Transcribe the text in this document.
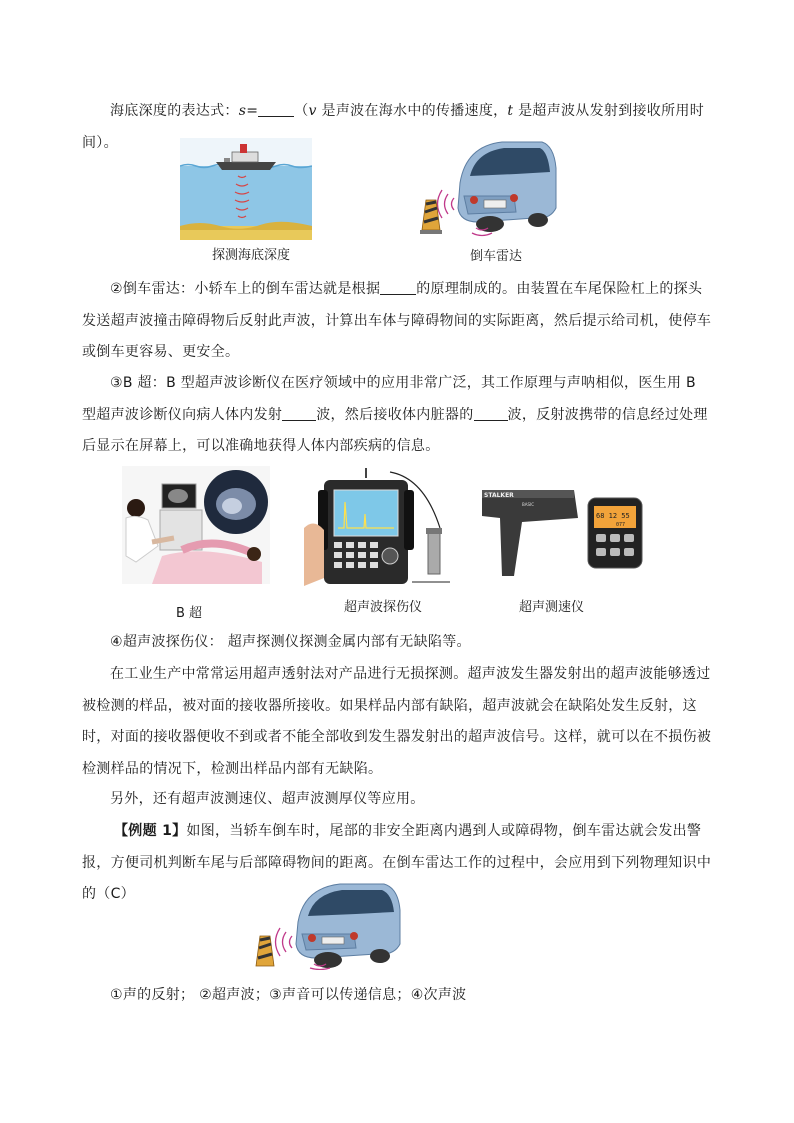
海底深度的表达式：s=	（v 是声波在海水中的传播速度，t 是超声波从发射到接收所用时间）。

探测海底深度	倒车雷达

②倒车雷达：小轿车上的倒车雷达就是根据	的原理制成的。由装置在车尾保险杠上的探头发送超声波撞击障碍物后反射此声波，计算出车体与障碍物间的实际距离，然后提示给司机，使停车或倒车更容易、更安全。

③B 超：B 型超声波诊断仪在医疗领域中的应用非常广泛，其工作原理与声呐相似，医生用 B 型超声波诊断仪向病人体内发射 波，然后接收体内脏器的 波，反射波携带的信息经过处理后显示在屏幕上，可以准确地获得人体内部疾病的信息。

B 超	超声波探伤仪
STALKER
BASIC
68 12 55
077
超声测速仪

④超声波探伤仪： 超声探测仪探测金属内部有无缺陷等。

在工业生产中常常运用超声透射法对产品进行无损探测。超声波发生器发射出的超声波能够透过被检测的样品，被对面的接收器所接收。如果样品内部有缺陷，超声波就会在缺陷处发生反射，这时，对面的接收器便收不到或者不能全部收到发生器发射出的超声波信号。这样，就可以在不损伤被检测样品的情况下，检测出样品内部有无缺陷。

另外，还有超声波测速仪、超声波测厚仪等应用。

【例题 1】如图，当轿车倒车时，尾部的非安全距离内遇到人或障碍物，倒车雷达就会发出警报，方便司机判断车尾与后部障碍物间的距离。在倒车雷达工作的过程中，会应用到下列物理知识中的（C）

①声的反射； ②超声波；③声音可以传递信息；④次声波
